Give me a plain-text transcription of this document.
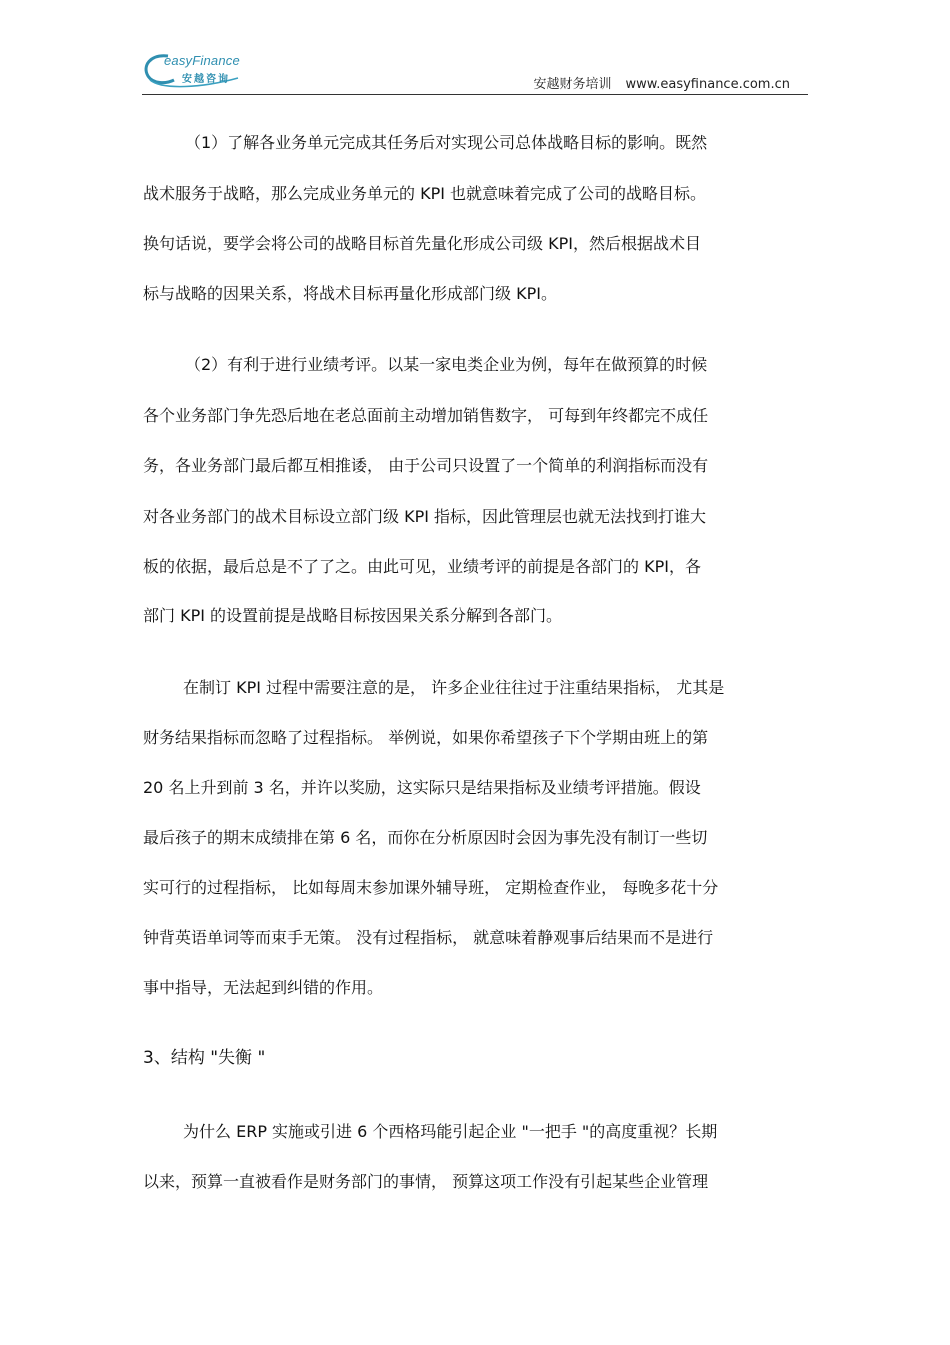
easyFinance
安越咨询	安越财务培训 www.easyfinance.com.cn
（1）了解各业务单元完成其任务后对实现公司总体战略目标的影响。既然
战术服务于战略，那么完成业务单元的 KPI 也就意味着完成了公司的战略目标。
换句话说，要学会将公司的战略目标首先量化形成公司级 KPI，然后根据战术目
标与战略的因果关系，将战术目标再量化形成部门级 KPI。
（2）有利于进行业绩考评。以某一家电类企业为例，每年在做预算的时候
各个业务部门争先恐后地在老总面前主动增加销售数字， 可每到年终都完不成任
务，各业务部门最后都互相推诿， 由于公司只设置了一个简单的利润指标而没有
对各业务部门的战术目标设立部门级 KPI 指标，因此管理层也就无法找到打谁大
板的依据，最后总是不了了之。由此可见，业绩考评的前提是各部门的 KPI，各
部门 KPI 的设置前提是战略目标按因果关系分解到各部门。
在制订 KPI 过程中需要注意的是， 许多企业往往过于注重结果指标， 尤其是
财务结果指标而忽略了过程指标。 举例说，如果你希望孩子下个学期由班上的第
20 名上升到前 3 名，并许以奖励，这实际只是结果指标及业绩考评措施。假设
最后孩子的期末成绩排在第 6 名，而你在分析原因时会因为事先没有制订一些切
实可行的过程指标， 比如每周末参加课外辅导班， 定期检查作业， 每晚多花十分
钟背英语单词等而束手无策。 没有过程指标， 就意味着静观事后结果而不是进行
事中指导，无法起到纠错的作用。
3、结构 "失衡 "
为什么 ERP 实施或引进 6 个西格玛能引起企业 "一把手 "的高度重视？长期
以来，预算一直被看作是财务部门的事情， 预算这项工作没有引起某些企业管理
